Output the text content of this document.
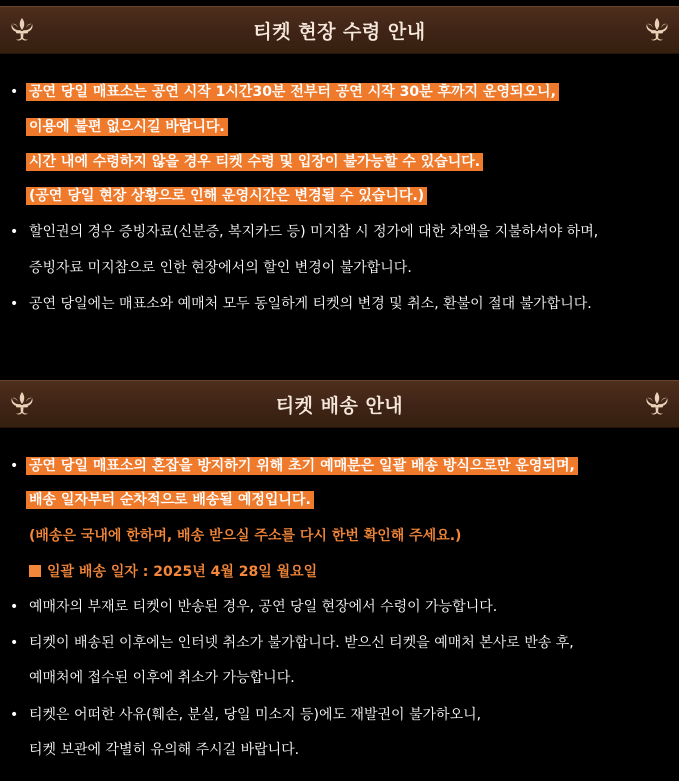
티켓 현장 수령 안내
• 공연 당일 매표소는 공연 시작 1시간30분 전부터 공연 시작 30분 후까지 운영되오니,
이용에 불편 없으시길 바랍니다.
시간 내에 수령하지 않을 경우 티켓 수령 및 입장이 불가능할 수 있습니다.
(공연 당일 현장 상황으로 인해 운영시간은 변경될 수 있습니다.)
• 할인권의 경우 증빙자료(신분증, 복지카드 등) 미지참 시 정가에 대한 차액을 지불하셔야 하며,
증빙자료 미지참으로 인한 현장에서의 할인 변경이 불가합니다.
• 공연 당일에는 매표소와 예매처 모두 동일하게 티켓의 변경 및 취소, 환불이 절대 불가합니다.
티켓 배송 안내
• 공연 당일 매표소의 혼잡을 방지하기 위해 초기 예매분은 일괄 배송 방식으로만 운영되며,
배송 일자부터 순차적으로 배송될 예정입니다.
(배송은 국내에 한하며, 배송 받으실 주소를 다시 한번 확인해 주세요.)
일괄 배송 일자 : 2025년 4월 28일 월요일
• 예매자의 부재로 티켓이 반송된 경우, 공연 당일 현장에서 수령이 가능합니다.
• 티켓이 배송된 이후에는 인터넷 취소가 불가합니다. 받으신 티켓을 예매처 본사로 반송 후,
예매처에 접수된 이후에 취소가 가능합니다.
• 티켓은 어떠한 사유(훼손, 분실, 당일 미소지 등)에도 재발권이 불가하오니,
티켓 보관에 각별히 유의해 주시길 바랍니다.
